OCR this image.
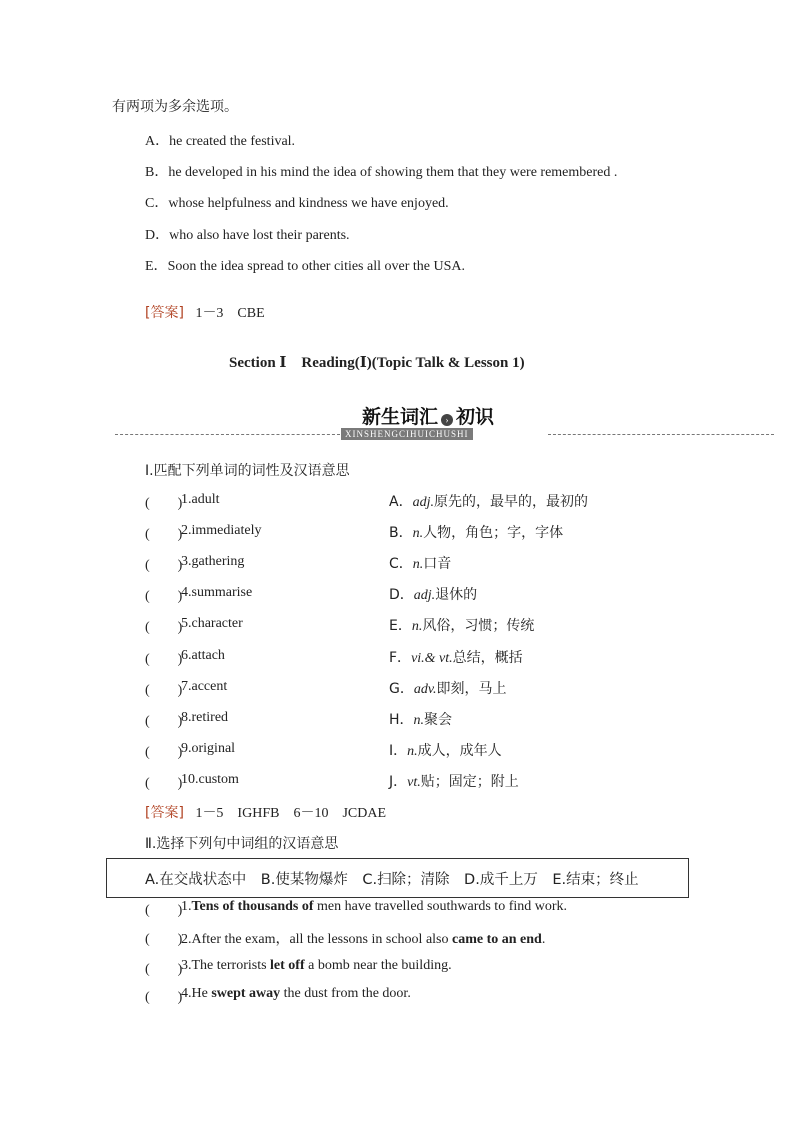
有两项为多余选项。
A．he created the festival.
B．he developed in his mind the idea of showing them that they were remembered .
C．whose helpfulness and kindness we have enjoyed.
D．who also have lost their parents.
E．Soon the idea spread to other cities all over the USA.
[答案] 1－3　CBE
Section Ⅰ　Reading(Ⅰ)(Topic Talk & Lesson 1)
新生词汇 › 初识
XINSHENGCIHUICHUSHI
Ⅰ.匹配下列单词的词性及汉语意思
(　　)
1.adult	A．adj.原先的，最早的，最初的
(　　)
2.immediately	B．n.人物，角色；字，字体
(　　)
3.gathering	C．n.口音
(　　)
4.summarise	D．adj.退休的
(　　)
5.character	E．n.风俗，习惯；传统
(　　)
6.attach	F．vi.& vt.总结，概括
(　　)
7.accent	G．adv.即刻，马上
(　　)
8.retired	H．n.聚会
(　　)
9.original	I．n.成人，成年人
(　　)
10.custom	J．vt.贴；固定；附上
[答案] 1－5　IGHFB　6－10　JCDAE
Ⅱ.选择下列句中词组的汉语意思
A.在交战状态中　B.使某物爆炸　C.扫除；清除　D.成千上万　E.结束；终止
(　　)
1.Tens of thousands of men have travelled southwards to find work.
(　　)
2.After the exam，all the lessons in school also came to an end.
(　　)
3.The terrorists let off a bomb near the building.
(　　)
4.He swept away the dust from the door.
